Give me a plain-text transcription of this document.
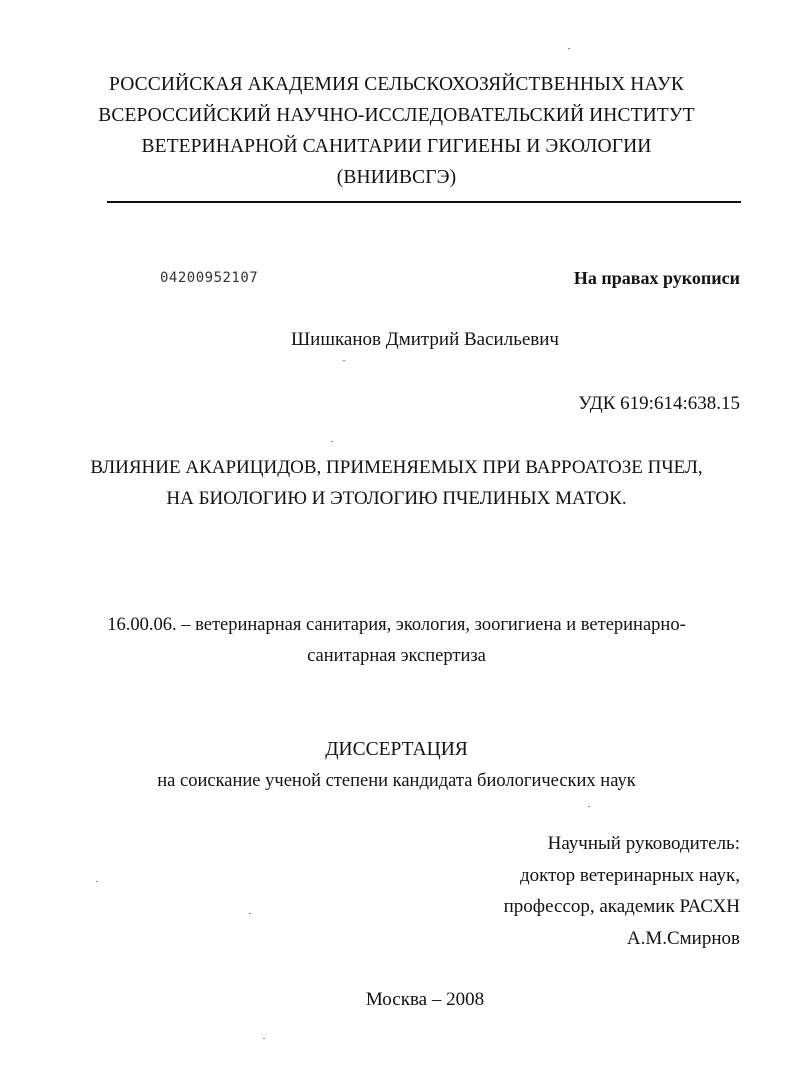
РОССИЙСКАЯ АКАДЕМИЯ СЕЛЬСКОХОЗЯЙСТВЕННЫХ НАУК
ВСЕРОССИЙСКИЙ НАУЧНО-ИССЛЕДОВАТЕЛЬСКИЙ ИНСТИТУТ
ВЕТЕРИНАРНОЙ САНИТАРИИ ГИГИЕНЫ И ЭКОЛОГИИ
(ВНИИВСГЭ)
04200952107	На правах рукописи
Шишканов Дмитрий Васильевич
УДК 619:614:638.15
ВЛИЯНИЕ АКАРИЦИДОВ, ПРИМЕНЯЕМЫХ ПРИ ВАРРОАТОЗЕ ПЧЕЛ,
НА БИОЛОГИЮ И ЭТОЛОГИЮ ПЧЕЛИНЫХ МАТОК.
16.00.06. – ветеринарная санитария, экология, зоогигиена и ветеринарно-
санитарная экспертиза
ДИССЕРТАЦИЯ
на соискание ученой степени кандидата биологических наук
Научный руководитель:
доктор ветеринарных наук,
профессор, академик РАСХН
А.М.Смирнов
Москва – 2008
